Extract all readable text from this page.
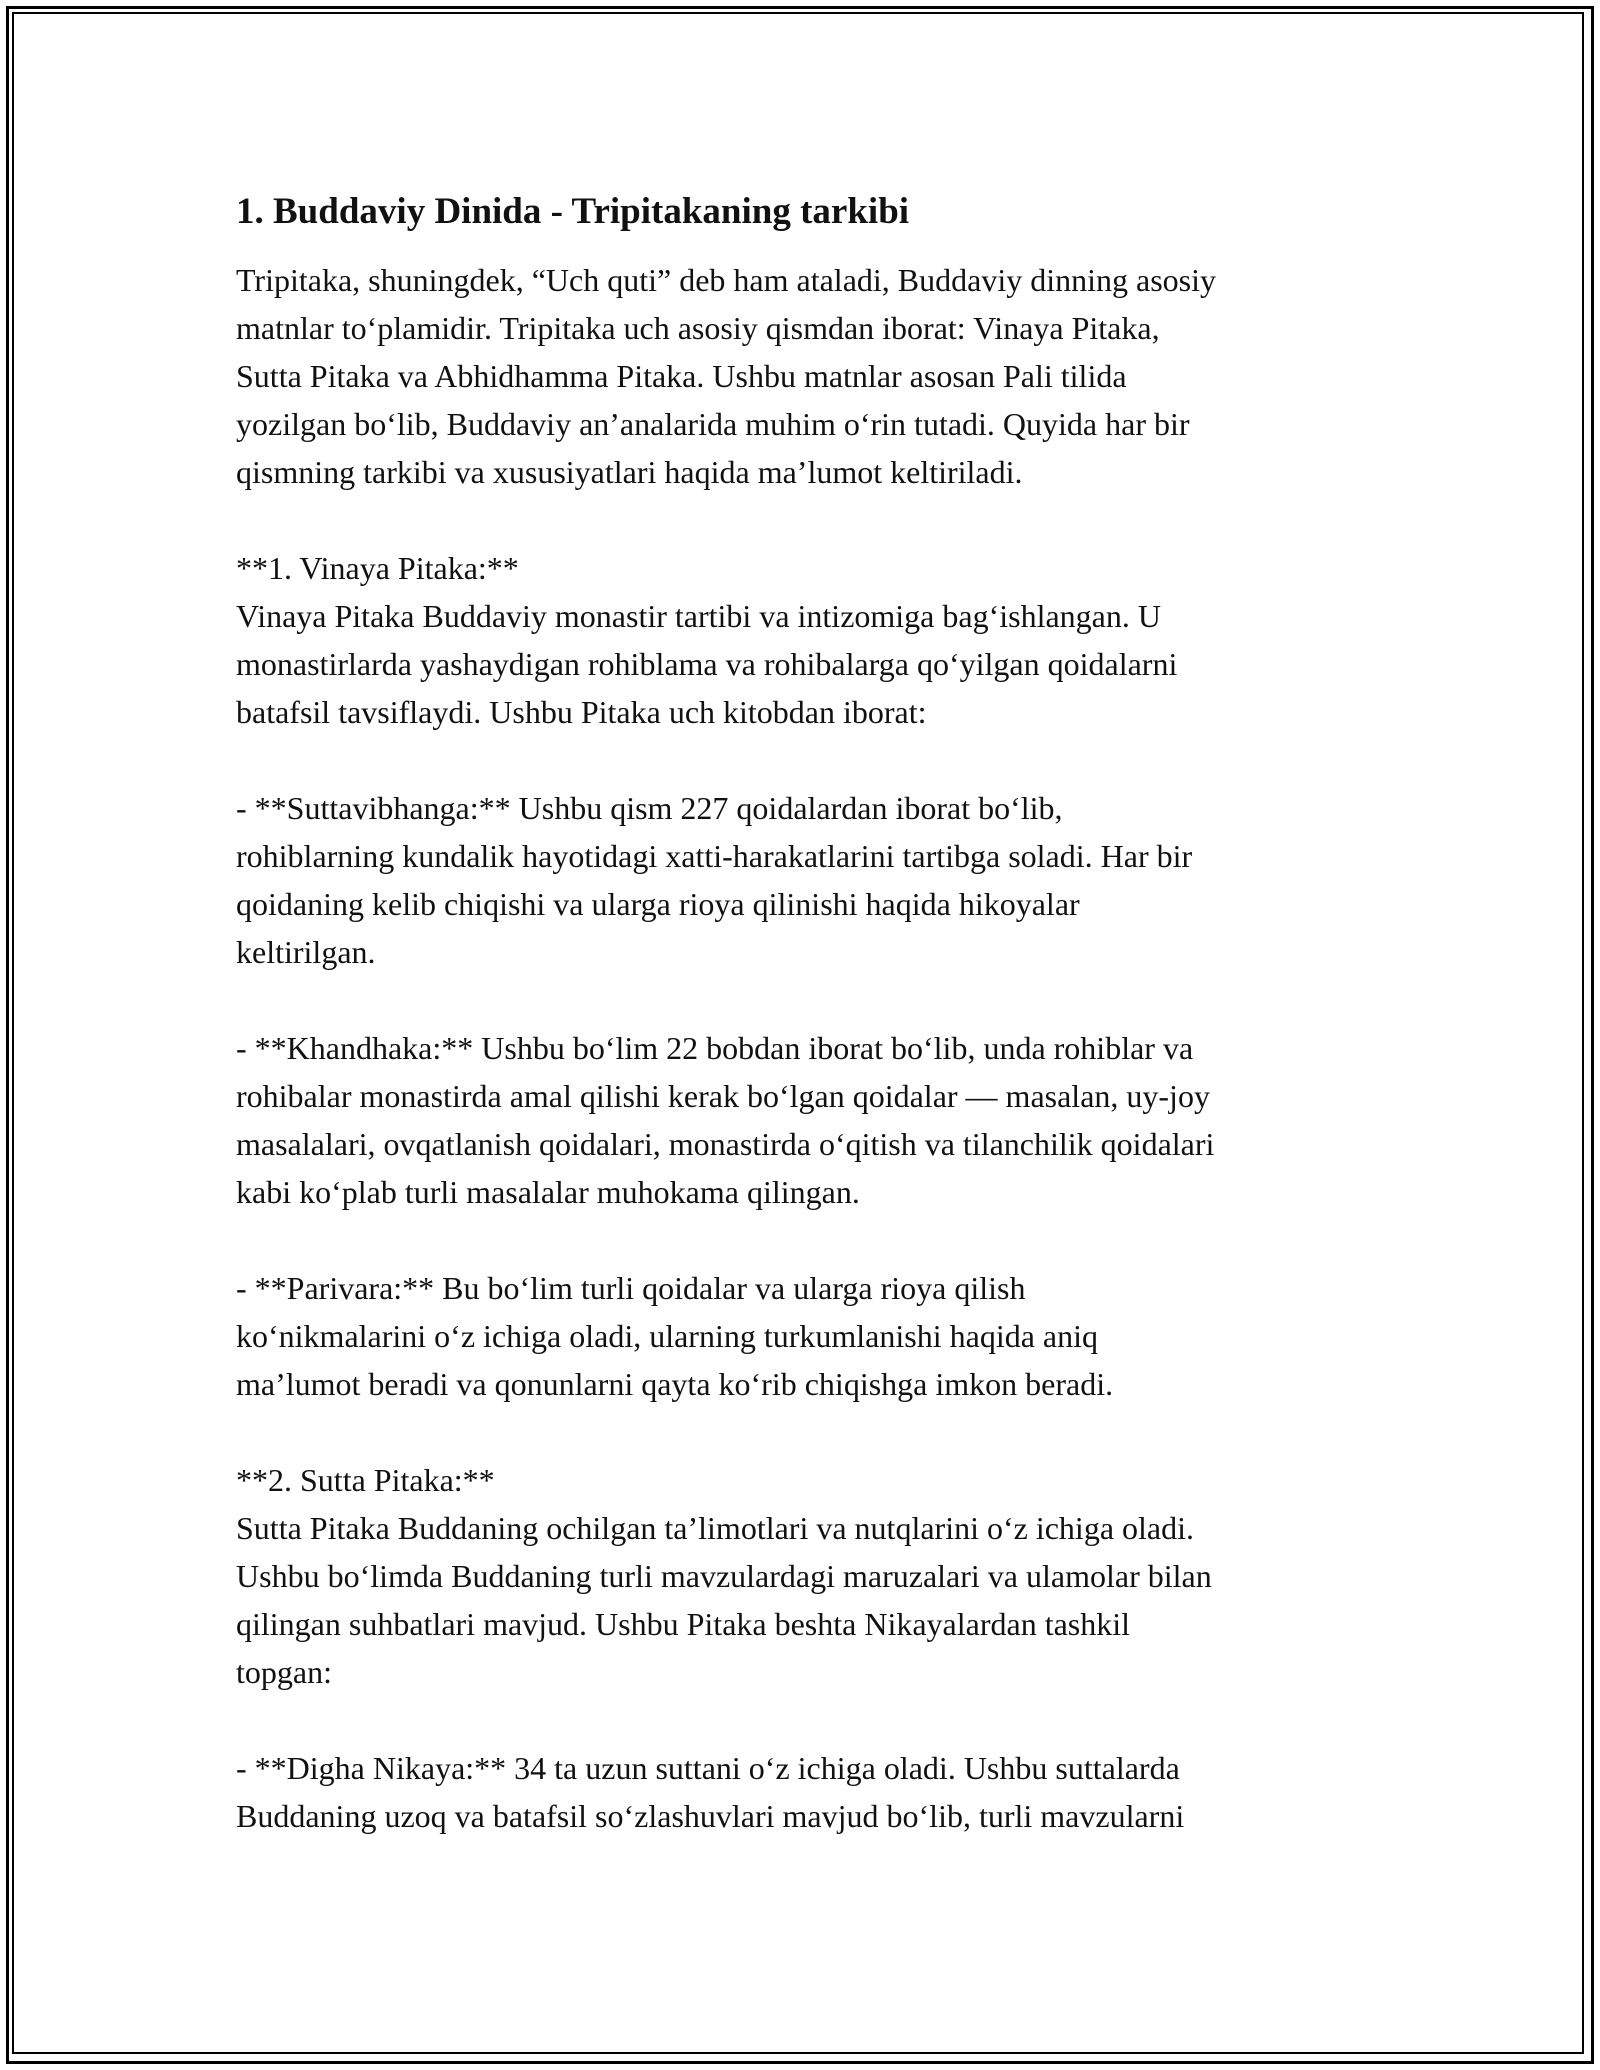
1. Buddaviy Dinida - Tripitakaning tarkibi
Tripitaka, shuningdek, “Uch quti” deb ham ataladi, Buddaviy dinning asosiy
matnlar toʻplamidir. Tripitaka uch asosiy qismdan iborat: Vinaya Pitaka,
Sutta Pitaka va Abhidhamma Pitaka. Ushbu matnlar asosan Pali tilida
yozilgan boʻlib, Buddaviy an’analarida muhim oʻrin tutadi. Quyida har bir
qismning tarkibi va xususiyatlari haqida ma’lumot keltiriladi.
**1. Vinaya Pitaka:**
Vinaya Pitaka Buddaviy monastir tartibi va intizomiga bagʻishlangan. U
monastirlarda yashaydigan rohiblama va rohibalarga qoʻyilgan qoidalarni
batafsil tavsiflaydi. Ushbu Pitaka uch kitobdan iborat:
- **Suttavibhanga:** Ushbu qism 227 qoidalardan iborat boʻlib,
rohiblarning kundalik hayotidagi xatti-harakatlarini tartibga soladi. Har bir
qoidaning kelib chiqishi va ularga rioya qilinishi haqida hikoyalar
keltirilgan.
- **Khandhaka:** Ushbu boʻlim 22 bobdan iborat boʻlib, unda rohiblar va
rohibalar monastirda amal qilishi kerak boʻlgan qoidalar — masalan, uy-joy
masalalari, ovqatlanish qoidalari, monastirda oʻqitish va tilanchilik qoidalari
kabi koʻplab turli masalalar muhokama qilingan.
- **Parivara:** Bu boʻlim turli qoidalar va ularga rioya qilish
koʻnikmalarini oʻz ichiga oladi, ularning turkumlanishi haqida aniq
ma’lumot beradi va qonunlarni qayta koʻrib chiqishga imkon beradi.
**2. Sutta Pitaka:**
Sutta Pitaka Buddaning ochilgan ta’limotlari va nutqlarini oʻz ichiga oladi.
Ushbu boʻlimda Buddaning turli mavzulardagi maruzalari va ulamolar bilan
qilingan suhbatlari mavjud. Ushbu Pitaka beshta Nikayalardan tashkil
topgan:
- **Digha Nikaya:** 34 ta uzun suttani oʻz ichiga oladi. Ushbu suttalarda
Buddaning uzoq va batafsil soʻzlashuvlari mavjud boʻlib, turli mavzularni
